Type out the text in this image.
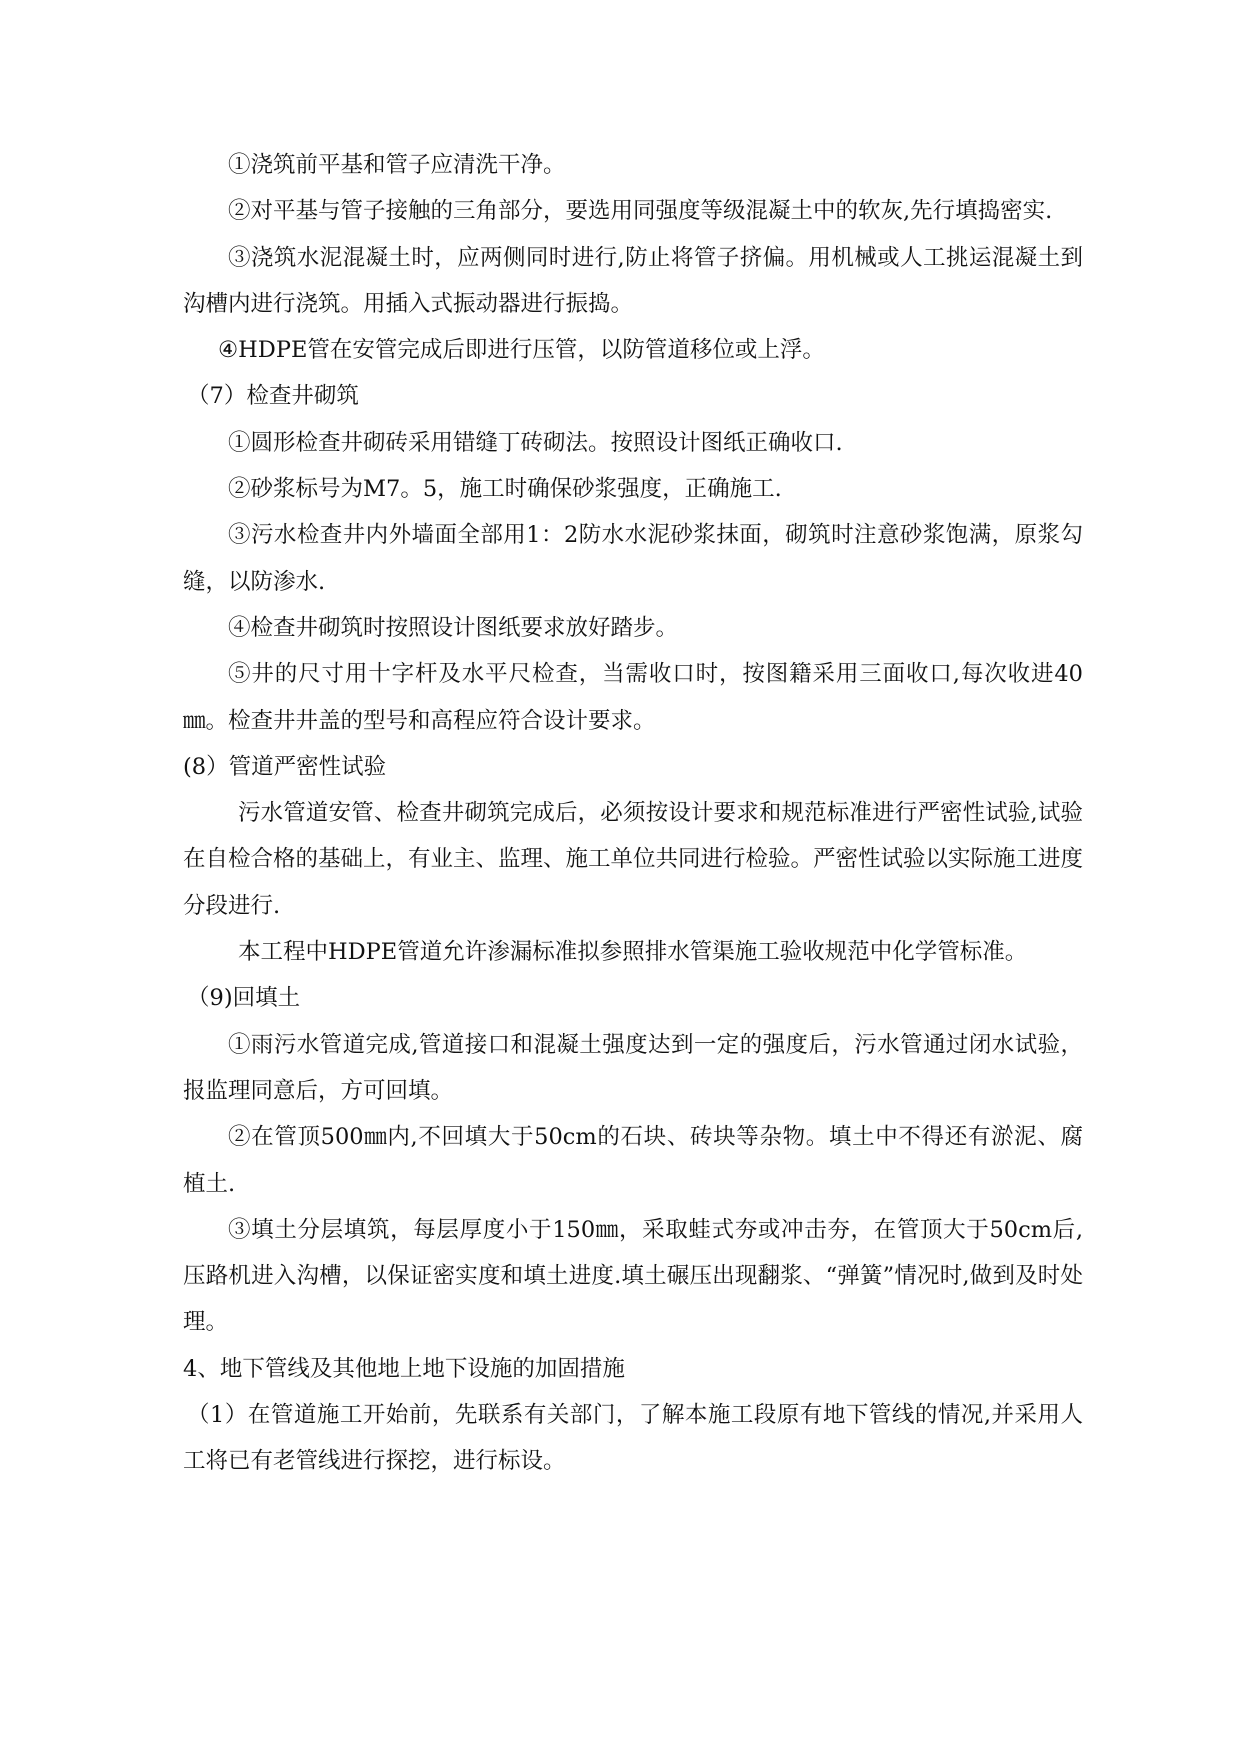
①浇筑前平基和管子应清洗干净。

②对平基与管子接触的三角部分，要选用同强度等级混凝土中的软灰,先行填捣密实.

③浇筑水泥混凝土时，应两侧同时进行,防止将管子挤偏。用机械或人工挑运混凝土到沟槽内进行浇筑。用插入式振动器进行振捣。

④HDPE管在安管完成后即进行压管，以防管道移位或上浮。

（7）检查井砌筑

①圆形检查井砌砖采用错缝丁砖砌法。按照设计图纸正确收口.

②砂浆标号为M7。5，施工时确保砂浆强度，正确施工.

③污水检查井内外墙面全部用1：2防水水泥砂浆抹面，砌筑时注意砂浆饱满，原浆勾缝，以防渗水.

④检查井砌筑时按照设计图纸要求放好踏步。

⑤井的尺寸用十字杆及水平尺检查，当需收口时，按图籍采用三面收口,每次收进40㎜。检查井井盖的型号和高程应符合设计要求。

(8）管道严密性试验

污水管道安管、检查井砌筑完成后，必须按设计要求和规范标准进行严密性试验,试验在自检合格的基础上，有业主、监理、施工单位共同进行检验。严密性试验以实际施工进度分段进行.

本工程中HDPE管道允许渗漏标准拟参照排水管渠施工验收规范中化学管标准。

（9)回填土

①雨污水管道完成,管道接口和混凝土强度达到一定的强度后，污水管通过闭水试验，报监理同意后，方可回填。

②在管顶500㎜内,不回填大于50cm的石块、砖块等杂物。填土中不得还有淤泥、腐植土.

③填土分层填筑，每层厚度小于150㎜，采取蛙式夯或冲击夯，在管顶大于50cm后,压路机进入沟槽，以保证密实度和填土进度.填土碾压出现翻浆、“弹簧”情况时,做到及时处理。

4、地下管线及其他地上地下设施的加固措施

（1）在管道施工开始前，先联系有关部门，了解本施工段原有地下管线的情况,并采用人工将已有老管线进行探挖，进行标设。
